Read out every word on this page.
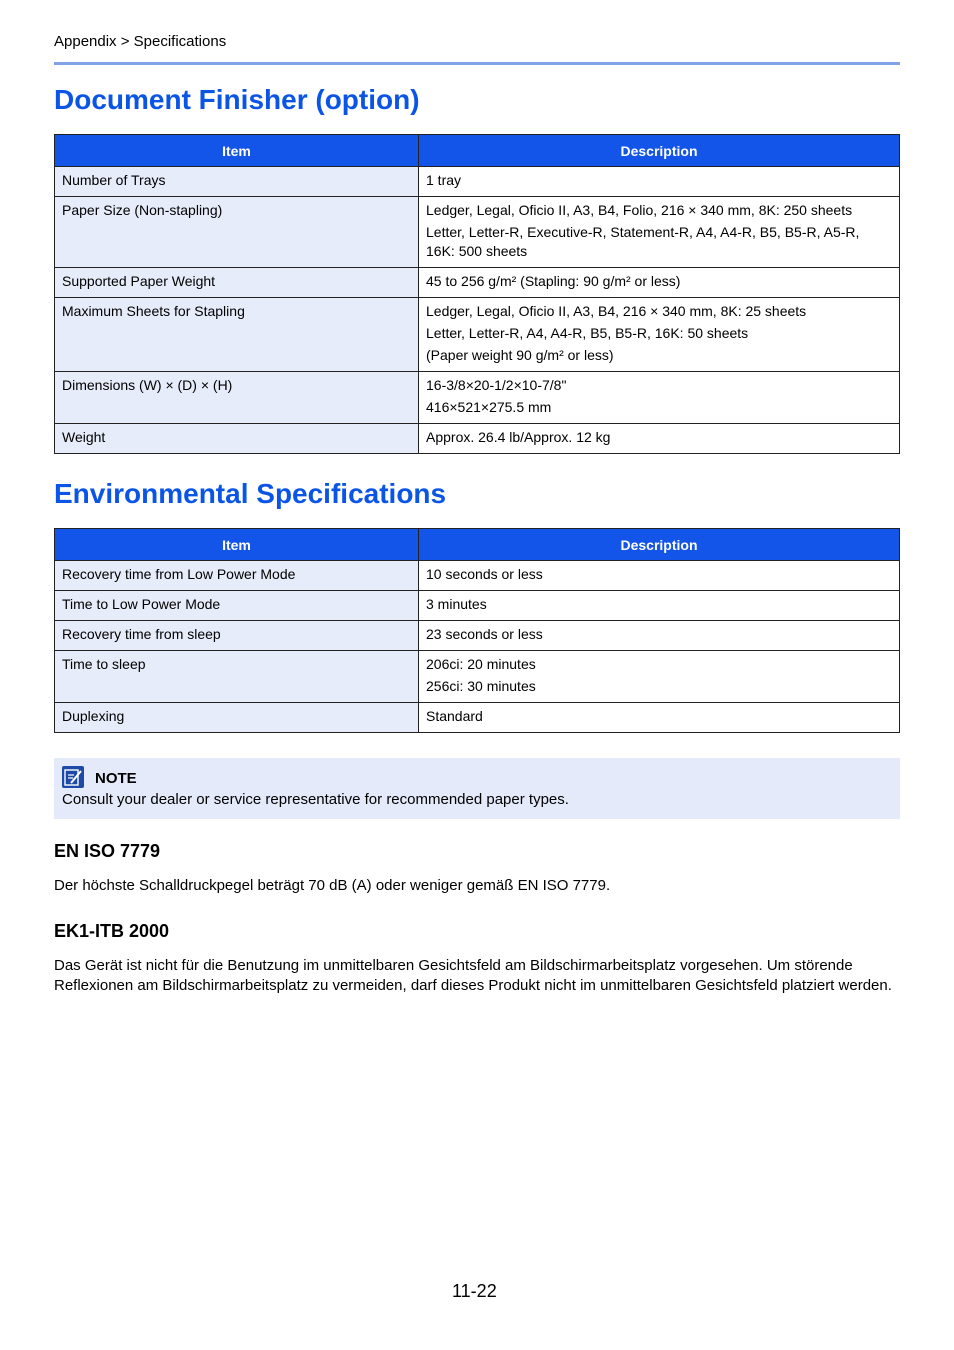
Appendix > Specifications
Document Finisher (option)
Item	Description
Number of Trays	1 tray

Paper Size (Non-stapling)	Ledger, Legal, Oficio II, A3, B4, Folio, 216 × 340 mm, 8K: 250 sheets
Letter, Letter-R, Executive-R, Statement-R, A4, A4-R, B5, B5-R, A5-R, 16K: 500 sheets

Supported Paper Weight	45 to 256 g/m² (Stapling: 90 g/m² or less)

Maximum Sheets for Stapling	Ledger, Legal, Oficio II, A3, B4, 216 × 340 mm, 8K: 25 sheets
Letter, Letter-R, A4, A4-R, B5, B5-R, 16K: 50 sheets
(Paper weight 90 g/m² or less)

Dimensions (W) × (D) × (H)	16-3/8×20-1/2×10-7/8"
416×521×275.5 mm

Weight	Approx. 26.4 lb/Approx. 12 kg
Environmental Specifications
Item	Description
Recovery time from Low Power Mode	10 seconds or less

Time to Low Power Mode	3 minutes

Recovery time from sleep	23 seconds or less

Time to sleep	206ci: 20 minutes
256ci: 30 minutes

Duplexing	Standard
NOTE
Consult your dealer or service representative for recommended paper types.
EN ISO 7779

Der höchste Schalldruckpegel beträgt 70 dB (A) oder weniger gemäß EN ISO 7779.

EK1-ITB 2000

Das Gerät ist nicht für die Benutzung im unmittelbaren Gesichtsfeld am Bildschirmarbeitsplatz vorgesehen. Um störende Reflexionen am Bildschirmarbeitsplatz zu vermeiden, darf dieses Produkt nicht im unmittelbaren Gesichtsfeld platziert werden.

11-22
